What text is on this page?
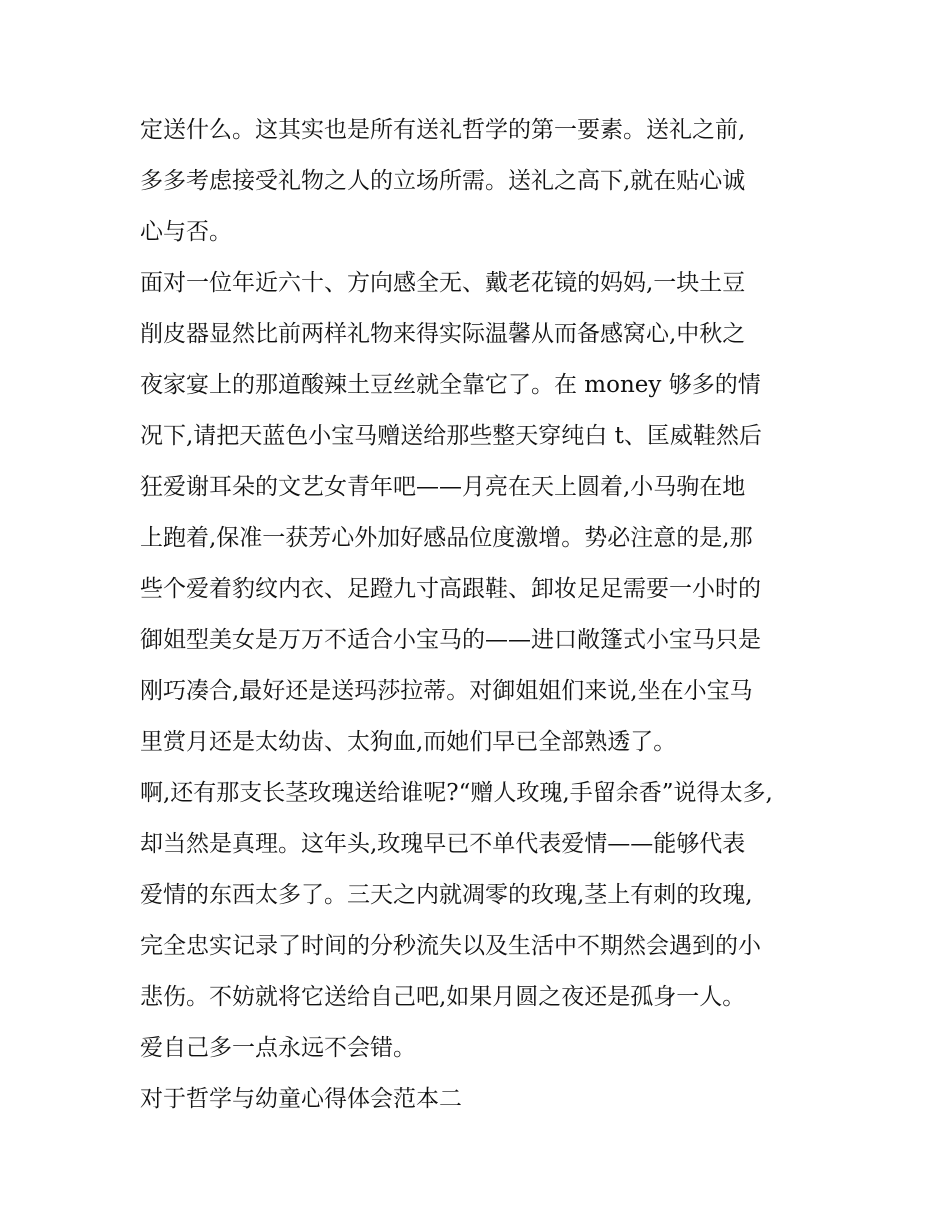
定送什么。这其实也是所有送礼哲学的第一要素。送礼之前,
多多考虑接受礼物之人的立场所需。送礼之高下,就在贴心诚
心与否。
面对一位年近六十、方向感全无、戴老花镜的妈妈,一块土豆
削皮器显然比前两样礼物来得实际温馨从而备感窝心,中秋之
夜家宴上的那道酸辣土豆丝就全靠它了。在 money 够多的情
况下,请把天蓝色小宝马赠送给那些整天穿纯白 t、匡威鞋然后
狂爱谢耳朵的文艺女青年吧——月亮在天上圆着,小马驹在地
上跑着,保准一获芳心外加好感品位度激增。势必注意的是,那
些个爱着豹纹内衣、足蹬九寸高跟鞋、卸妆足足需要一小时的
御姐型美女是万万不适合小宝马的——进口敞篷式小宝马只是
刚巧凑合,最好还是送玛莎拉蒂。对御姐姐们来说,坐在小宝马
里赏月还是太幼齿、太狗血,而她们早已全部熟透了。
啊,还有那支长茎玫瑰送给谁呢?“赠人玫瑰,手留余香”说得太多,
却当然是真理。这年头,玫瑰早已不单代表爱情——能够代表
爱情的东西太多了。三天之内就凋零的玫瑰,茎上有刺的玫瑰,
完全忠实记录了时间的分秒流失以及生活中不期然会遇到的小
悲伤。不妨就将它送给自己吧,如果月圆之夜还是孤身一人。
爱自己多一点永远不会错。
对于哲学与幼童心得体会范本二
